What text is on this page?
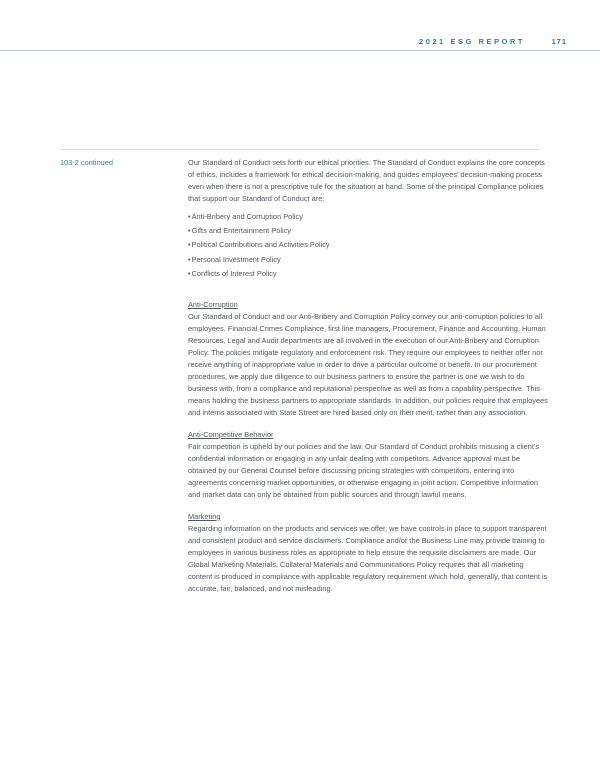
2021 ESG REPORT	171
103-2 continued	Our Standard of Conduct sets forth our ethical priorities. The Standard of Conduct explains the core concepts of ethics, includes a framework for ethical decision-making, and guides employees' decision-making process even when there is not a prescriptive rule for the situation at hand. Some of the principal Compliance policies that support our Standard of Conduct are:

• Anti-Bribery and Corruption Policy
• Gifts and Entertainment Policy
• Political Contributions and Activities Policy
• Personal Investment Policy
• Conflicts of Interest Policy

Anti-Corruption

Our Standard of Conduct and our Anti-Bribery and Corruption Policy convey our anti-corruption policies to all employees. Financial Crimes Compliance, first line managers, Procurement, Finance and Accounting, Human Resources, Legal and Audit departments are all involved in the execution of our Anti-Bribery and Corruption Policy. The policies mitigate regulatory and enforcement risk. They require our employees to neither offer nor receive anything of inappropriate value in order to drive a particular outcome or benefit. In our procurement procedures, we apply due diligence to our business partners to ensure the partner is one we wish to do business with, from a compliance and reputational perspective as well as from a capability perspective. This means holding the business partners to appropriate standards. In addition, our policies require that employees and interns associated with State Street are hired based only on their merit, rather than any association.

Anti-Competitive Behavior

Fair competition is upheld by our policies and the law. Our Standard of Conduct prohibits misusing a client's confidential information or engaging in any unfair dealing with competitors. Advance approval must be obtained by our General Counsel before discussing pricing strategies with competitors, entering into agreements concerning market opportunities, or otherwise engaging in joint action. Competitive information and market data can only be obtained from public sources and through lawful means.

Marketing

Regarding information on the products and services we offer, we have controls in place to support transparent and consistent product and service disclaimers. Compliance and/or the Business Line may provide training to employees in various business roles as appropriate to help ensure the requisite disclaimers are made. Our Global Marketing Materials, Collateral Materials and Communications Policy requires that all marketing content is produced in compliance with applicable regulatory requirement which hold, generally, that content is accurate, fair, balanced, and not misleading.
